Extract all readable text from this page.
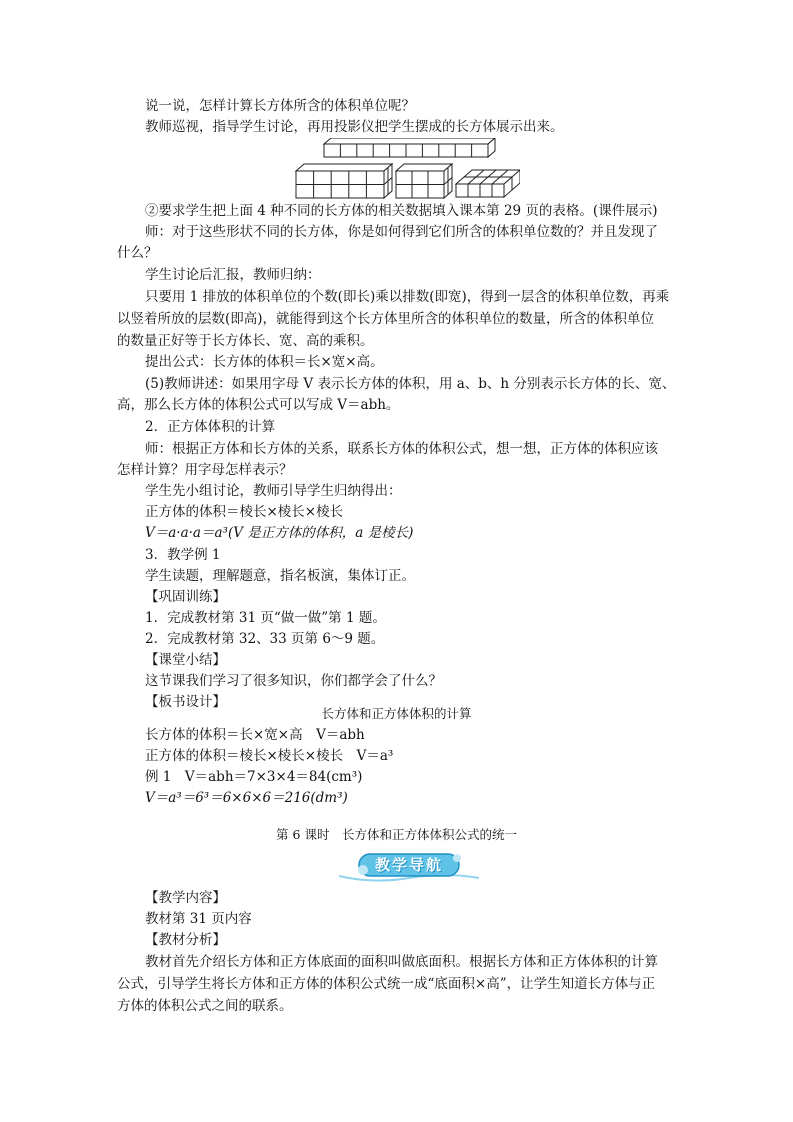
说一说，怎样计算长方体所含的体积单位呢？
教师巡视，指导学生讨论，再用投影仪把学生摆成的长方体展示出来。
②要求学生把上面 4 种不同的长方体的相关数据填入课本第 29 页的表格。(课件展示)
师：对于这些形状不同的长方体，你是如何得到它们所含的体积单位数的？并且发现了
什么？
学生讨论后汇报，教师归纳：
只要用 1 排放的体积单位的个数(即长)乘以排数(即宽)，得到一层含的体积单位数，再乘
以竖着所放的层数(即高)，就能得到这个长方体里所含的体积单位的数量，所含的体积单位
的数量正好等于长方体长、宽、高的乘积。
提出公式：长方体的体积＝长×宽×高。
(5)教师讲述：如果用字母 V 表示长方体的体积，用 a、b、h 分别表示长方体的长、宽、
高，那么长方体的体积公式可以写成 V＝abh。
2．正方体体积的计算
师：根据正方体和长方体的关系，联系长方体的体积公式，想一想，正方体的体积应该
怎样计算？用字母怎样表示？
学生先小组讨论，教师引导学生归纳得出：
正方体的体积＝棱长×棱长×棱长
V＝a·a·a＝a³(V 是正方体的体积，a 是棱长)
3．教学例 1
学生读题，理解题意，指名板演，集体订正。
【巩固训练】
1．完成教材第 31 页“做一做”第 1 题。
2．完成教材第 32、33 页第 6～9 题。
【课堂小结】
这节课我们学习了很多知识，你们都学会了什么？
【板书设计】
长方体和正方体体积的计算
长方体的体积＝长×宽×高　V＝abh
正方体的体积＝棱长×棱长×棱长　V＝a³
例 1　V＝abh＝7×3×4＝84(cm³)
V＝a³＝6³＝6×6×6＝216(dm³)
第 6 课时　长方体和正方体体积公式的统一
教学导航
【教学内容】
教材第 31 页内容
【教材分析】
教材首先介绍长方体和正方体底面的面积叫做底面积。根据长方体和正方体体积的计算
公式，引导学生将长方体和正方体的体积公式统一成“底面积×高”，让学生知道长方体与正
方体的体积公式之间的联系。
